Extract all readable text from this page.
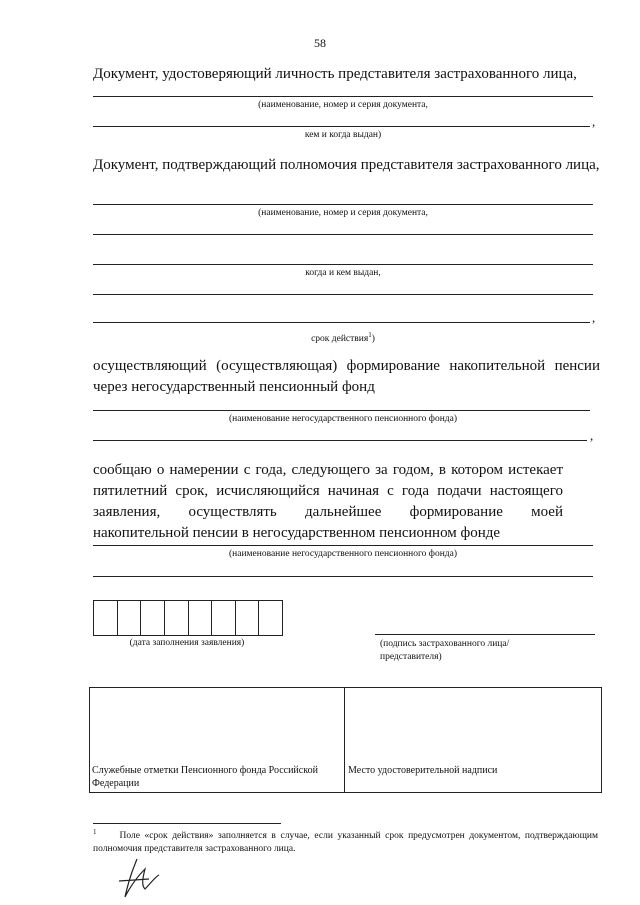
58
Документ, удостоверяющий личность представителя застрахованного лица,
(наименование, номер и серия документа,
,
кем и когда выдан)
Документ, подтверждающий полномочия представителя застрахованного лица,
(наименование, номер и серия документа,
когда и кем выдан,
,
срок действия$^1$)
осуществляющий (осуществляющая) формирование накопительной пенсии через негосударственный пенсионный фонд
(наименование негосударственного пенсионного фонда)
,
сообщаю о намерении с года, следующего за годом, в котором истекает пятилетний срок, исчисляющийся начиная с года подачи настоящего заявления, осуществлять дальнейшее формирование моей накопительной пенсии в негосударственном пенсионном фонде
(наименование негосударственного пенсионного фонда)
(дата заполнения заявления)	(подпись застрахованного лица/
представителя)
Служебные отметки Пенсионного фонда Российской Федерации
Место удостоверительной надписи
$^1$ Поле «срок действия» заполняется в случае, если указанный срок предусмотрен документом, подтверждающим полномочия представителя застрахованного лица.
